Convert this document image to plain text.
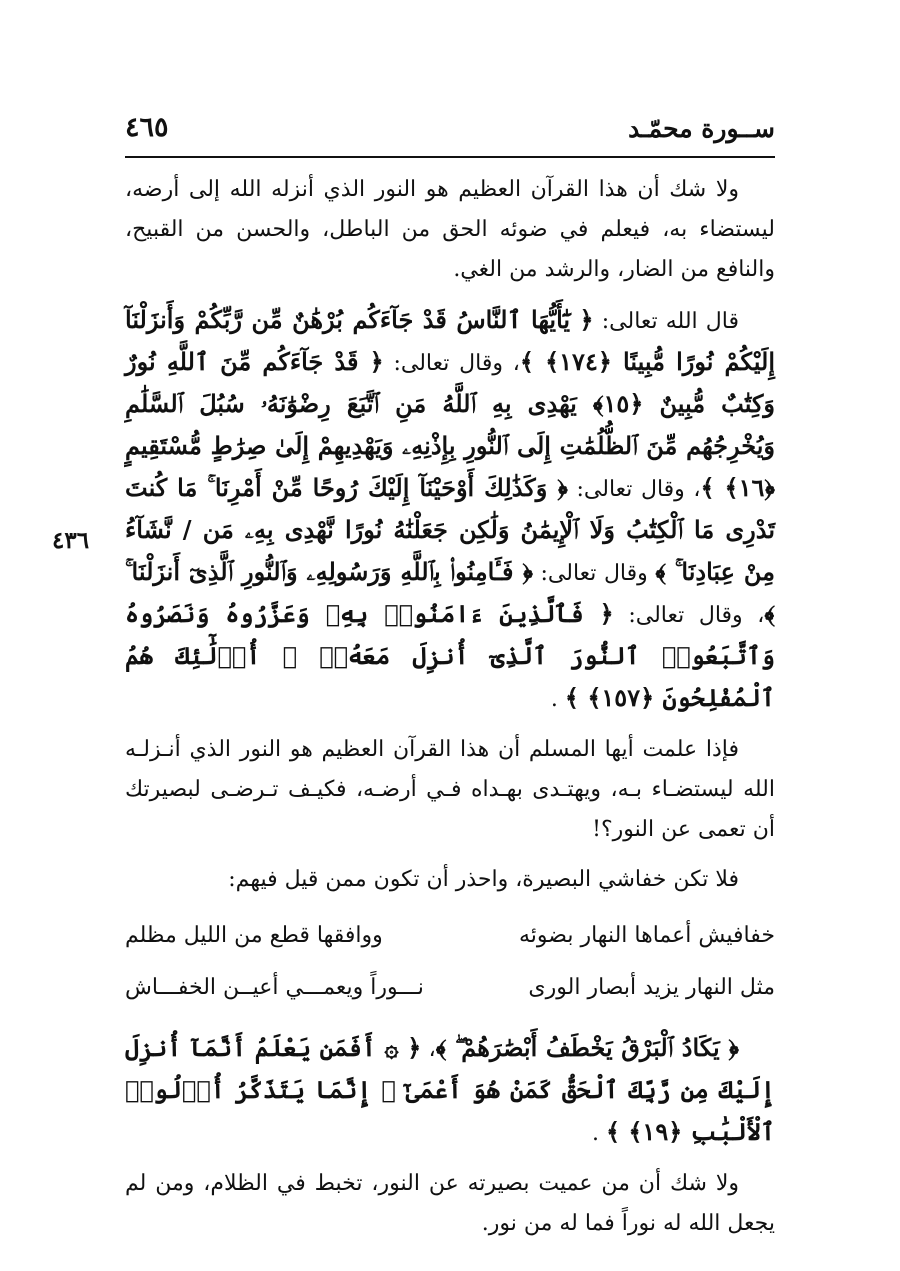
٤٦٥	ســورة محمّـد
٤٣٦

ولا شك أن هذا القرآن العظيم هو النور الذي أنزله الله إلى أرضه، ليستضاء به، فيعلم في ضوئه الحق من الباطل، والحسن من القبيح، والنافع من الضار، والرشد من الغي.

قال الله تعالى: ﴿ يَٰٓأَيُّهَا ٱلنَّاسُ قَدْ جَآءَكُم بُرْهَٰنٌ مِّن رَّبِّكُمْ وَأَنزَلْنَآ إِلَيْكُمْ نُورًا مُّبِينًا ﴿١٧٤﴾ ﴾، وقال تعالى: ﴿ قَدْ جَآءَكُم مِّنَ ٱللَّهِ نُورٌ وَكِتَٰبٌ مُّبِينٌ ﴿١٥﴾ يَهْدِى بِهِ ٱللَّهُ مَنِ ٱتَّبَعَ رِضْوَٰنَهُۥ سُبُلَ ٱلسَّلَٰمِ وَيُخْرِجُهُم مِّنَ ٱلظُّلُمَٰتِ إِلَى ٱلنُّورِ بِإِذْنِهِۦ وَيَهْدِيهِمْ إِلَىٰ صِرَٰطٍ مُّسْتَقِيمٍ ﴿١٦﴾ ﴾، وقال تعالى: ﴿ وَكَذَٰلِكَ أَوْحَيْنَآ إِلَيْكَ رُوحًا مِّنْ أَمْرِنَا ۚ مَا كُنتَ تَدْرِى مَا ٱلْكِتَٰبُ وَلَا ٱلْإِيمَٰنُ وَلَٰكِن جَعَلْنَٰهُ نُورًا نَّهْدِى بِهِۦ مَن / نَّشَآءُ مِنْ عِبَادِنَا ۚ ﴾ وقال تعالى: ﴿ فَـَٔامِنُوا۟ بِٱللَّهِ وَرَسُولِهِۦ وَٱلنُّورِ ٱلَّذِىٓ أَنزَلْنَا ۚ ﴾، وقال تعالى: ﴿ فَٱلَّذِينَ ءَامَنُوا۟ بِهِۦ وَعَزَّرُوهُ وَنَصَرُوهُ وَٱتَّبَعُوا۟ ٱلنُّورَ ٱلَّذِىٓ أُنزِلَ مَعَهُۥٓ ۙ أُو۟لَٰٓئِكَ هُمُ ٱلْمُفْلِحُونَ ﴿١٥٧﴾ ﴾ .

فإذا علمت أيها المسلم أن هذا القرآن العظيم هو النور الذي أنـزلـه الله ليستضـاء بـه، ويهتـدى بهـداه فـي أرضـه، فكيـف تـرضـى لبصيرتك أن تعمى عن النور؟!

فلا تكن خفاشي البصيرة، واحذر أن تكون ممن قيل فيهم:

خفافيش أعماها النهار بضوئه
ووافقها قطع من الليل مظلم
مثل النهار يزيد أبصار الورى
نـــوراً ويعمـــي أعيــن الخفـــاش

﴿ يَكَادُ ٱلْبَرْقُ يَخْطَفُ أَبْصَٰرَهُمْ ۖ ﴾، ﴿ ۞ أَفَمَن يَعْلَمُ أَنَّمَآ أُنزِلَ إِلَيْكَ مِن رَّبِّكَ ٱلْحَقُّ كَمَنْ هُوَ أَعْمَىٰٓ ۚ إِنَّمَا يَتَذَكَّرُ أُو۟لُوا۟ ٱلْأَلْبَٰبِ ﴿١٩﴾ ﴾ .

ولا شك أن من عميت بصيرته عن النور، تخبط في الظلام، ومن لم يجعل الله له نوراً فما له من نور.
